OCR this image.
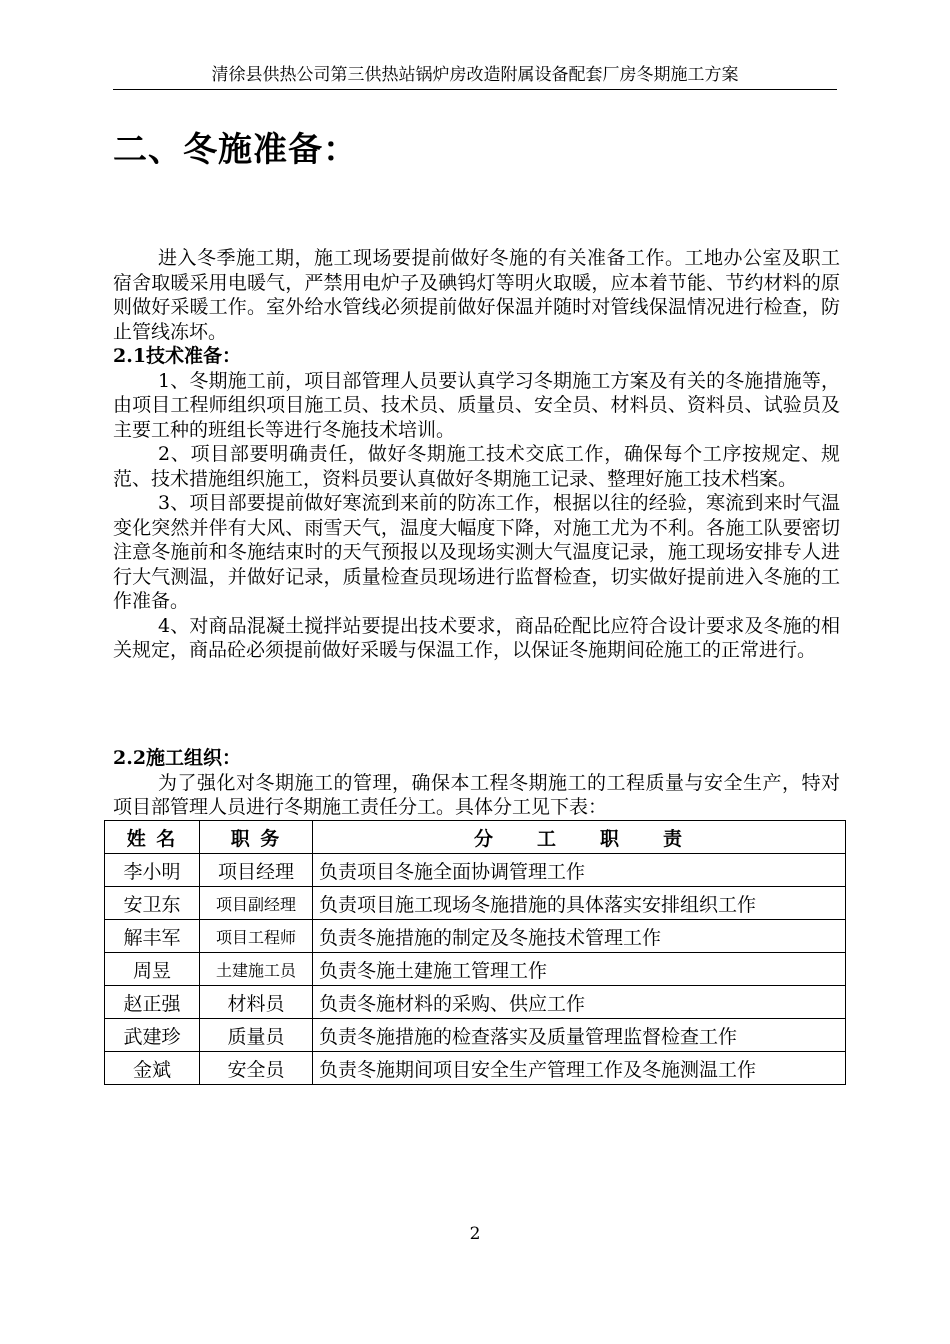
清徐县供热公司第三供热站锅炉房改造附属设备配套厂房冬期施工方案
二、冬施准备：

进入冬季施工期，施工现场要提前做好冬施的有关准备工作。工地办公室及职工宿舍取暖采用电暖气，严禁用电炉子及碘钨灯等明火取暖，应本着节能、节约材料的原则做好采暖工作。室外给水管线必须提前做好保温并随时对管线保温情况进行检查，防止管线冻坏。

2.1技术准备：

1、冬期施工前，项目部管理人员要认真学习冬期施工方案及有关的冬施措施等，由项目工程师组织项目施工员、技术员、质量员、安全员、材料员、资料员、试验员及主要工种的班组长等进行冬施技术培训。

2、项目部要明确责任，做好冬期施工技术交底工作，确保每个工序按规定、规范、技术措施组织施工，资料员要认真做好冬期施工记录、整理好施工技术档案。

3、项目部要提前做好寒流到来前的防冻工作，根据以往的经验，寒流到来时气温变化突然并伴有大风、雨雪天气，温度大幅度下降，对施工尤为不利。各施工队要密切注意冬施前和冬施结束时的天气预报以及现场实测大气温度记录，施工现场安排专人进行大气测温，并做好记录，质量检查员现场进行监督检查，切实做好提前进入冬施的工作准备。

4、对商品混凝土搅拌站要提出技术要求，商品砼配比应符合设计要求及冬施的相关规定，商品砼必须提前做好采暖与保温工作，以保证冬施期间砼施工的正常进行。

2.2施工组织：

为了强化对冬期施工的管理，确保本工程冬期施工的工程质量与安全生产，特对项目部管理人员进行冬期施工责任分工。具体分工见下表：

姓 名	职 务	分　　工　　职　　责
李小明	项目经理	负责项目冬施全面协调管理工作
安卫东	项目副经理	负责项目施工现场冬施措施的具体落实安排组织工作
解丰军	项目工程师	负责冬施措施的制定及冬施技术管理工作
周昱	土建施工员	负责冬施土建施工管理工作
赵正强	材料员	负责冬施材料的采购、供应工作
武建珍	质量员	负责冬施措施的检查落实及质量管理监督检查工作
金斌	安全员	负责冬施期间项目安全生产管理工作及冬施测温工作
2
